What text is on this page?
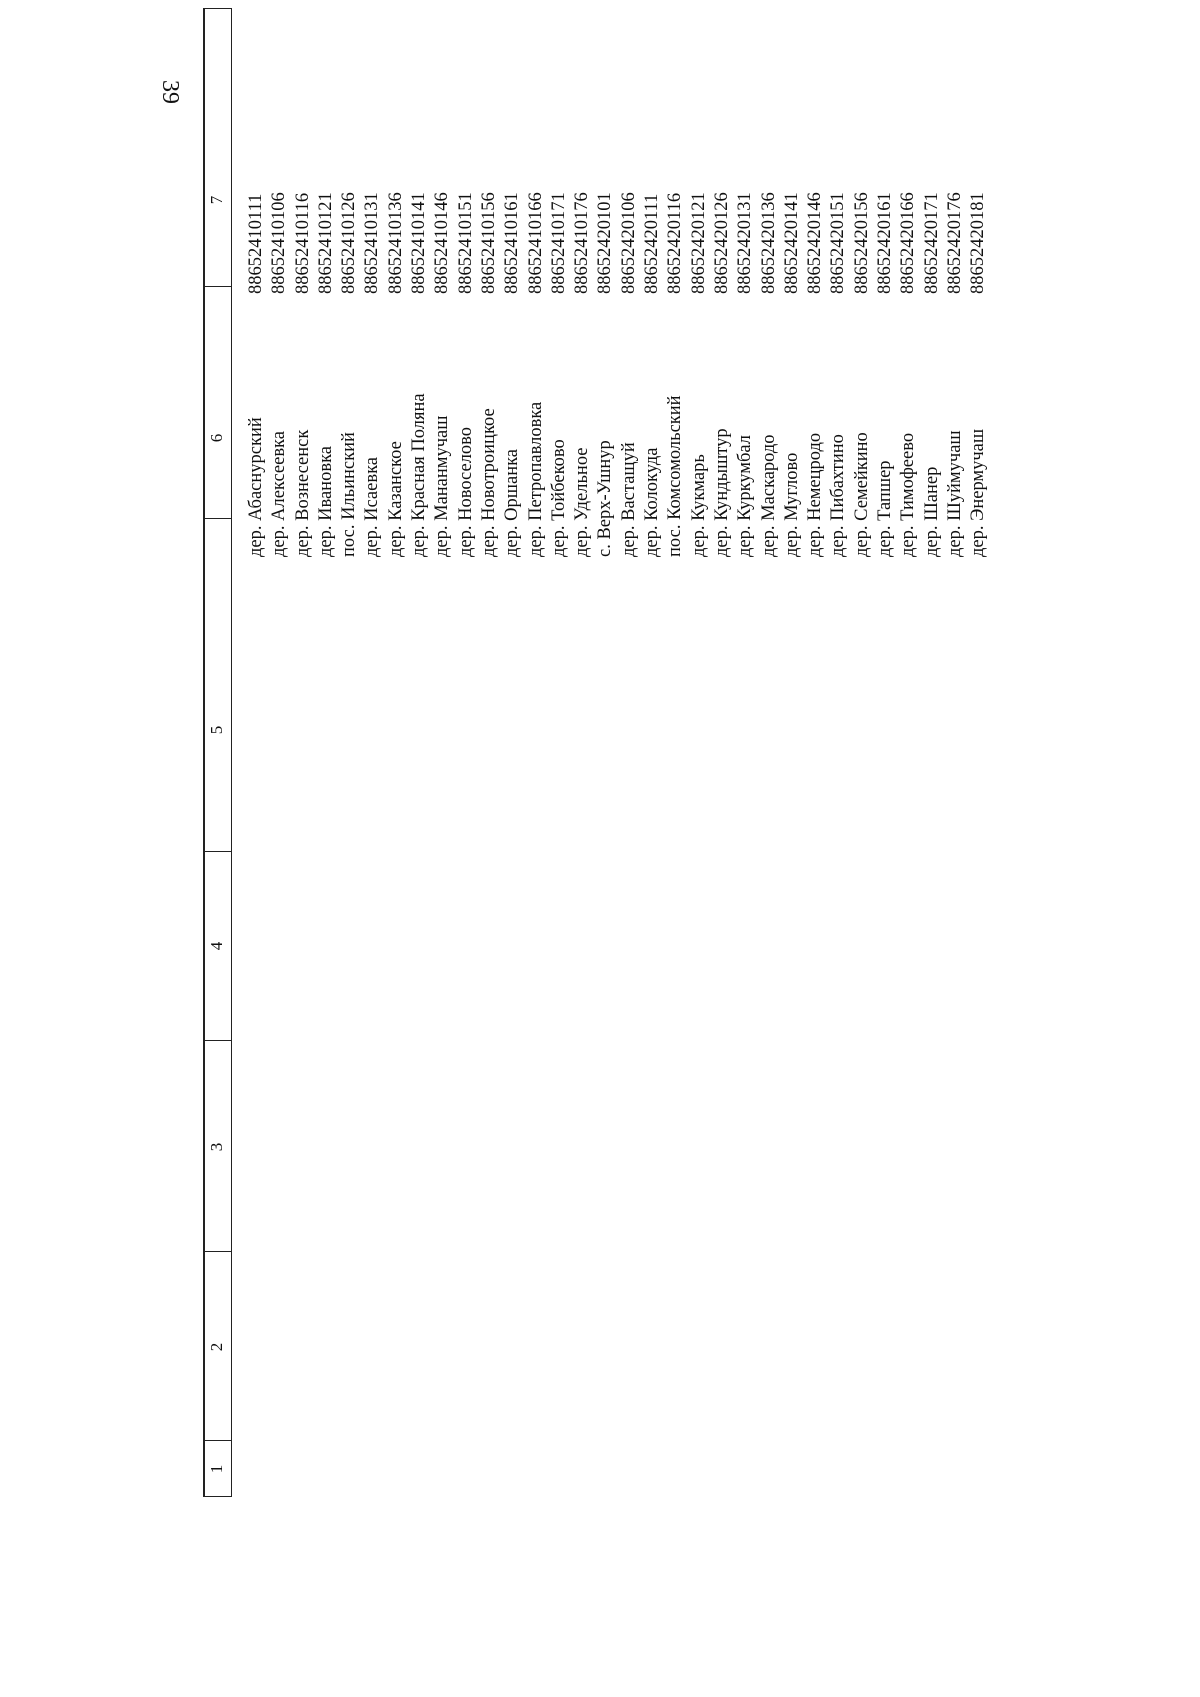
39
1
2
3
4
5
6
7
дер. Абаснурский дер. Алексеевка дер. Вознесенск дер. Ивановка пос. Ильинский дер. Исаевка дер. Казанское дер. Красная Поляна дер. Мананмучаш дер. Новоселово дер. Новотроицкое дер. Оршанка дер. Петропавловка дер. Тойбеково дер. Удельное с. Верх-Ушнур дер. Вастащуй дер. Колокуда пос. Комсомольский дер. Кукмарь дер. Кундыштур дер. Куркумбал дер. Маскародо дер. Муглово дер. Немецродо дер. Пибахтино дер. Семейкино дер. Тапшер дер. Тимофеево дер. Шанер дер. Шуймучаш дер. Энермучаш
88652410111 88652410106 88652410116 88652410121 88652410126 88652410131 88652410136 88652410141 88652410146 88652410151 88652410156 88652410161 88652410166 88652410171 88652410176 88652420101 88652420106 88652420111 88652420116 88652420121 88652420126 88652420131 88652420136 88652420141 88652420146 88652420151 88652420156 88652420161 88652420166 88652420171 88652420176 88652420181
